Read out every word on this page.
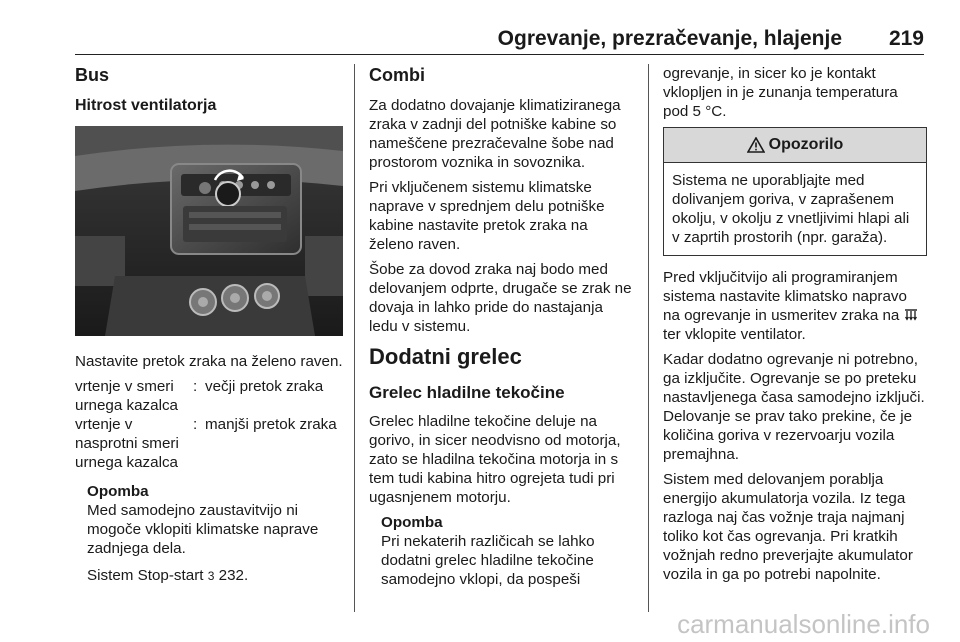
Ogrevanje, prezračevanje, hlajenje 219
Bus
Hitrost ventilatorja

Nastavite pretok zraka na želeno raven.

vrtenje v smeri urnega kazalca	:	večji pretok zraka
vrtenje v nasprotni smeri urnega kazalca	:	manjši pretok zraka
Opomba
Med samodejno zaustavitvijo ni mogoče vklopiti klimatske naprave zadnjega dela.

Sistem Stop-start 3 232.

Combi

Za dodatno dovajanje klimatiziranega zraka v zadnji del potniške kabine so nameščene prezračevalne šobe nad prostorom voznika in sovoznika.

Pri vključenem sistemu klimatske naprave v sprednjem delu potniške kabine nastavite pretok zraka na želeno raven.

Šobe za dovod zraka naj bodo med delovanjem odprte, drugače se zrak ne dovaja in lahko pride do nastajanja ledu v sistemu.

Dodatni grelec
Grelec hladilne tekočine

Grelec hladilne tekočine deluje na gorivo, in sicer neodvisno od motorja, zato se hladilna tekočina motorja in s tem tudi kabina hitro ogrejeta tudi pri ugasnjenem motorju.

Opomba
Pri nekaterih različicah se lahko dodatni grelec hladilne tekočine samodejno vklopi, da pospeši

ogrevanje, in sicer ko je kontakt vklopljen in je zunanja temperatura pod 5 °C.

Opozorilo
Sistema ne uporabljajte med dolivanjem goriva, v zaprašenem okolju, v okolju z vnetljivimi hlapi ali v zaprtih prostorih (npr. garaža).

Pred vključitvijo ali programiranjem sistema nastavite klimatsko napravo na ogrevanje in usmeritev zraka na  ter vklopite ventilator.

Kadar dodatno ogrevanje ni potrebno, ga izključite. Ogrevanje se po preteku nastavljenega časa samodejno izključi. Delovanje se prav tako prekine, če je količina goriva v rezervoarju vozila premajhna.

Sistem med delovanjem porablja energijo akumulatorja vozila. Iz tega razloga naj čas vožnje traja najmanj toliko kot čas ogrevanja. Pri kratkih vožnjah redno preverjajte akumulator vozila in ga po potrebi napolnite.

carmanualsonline.info
